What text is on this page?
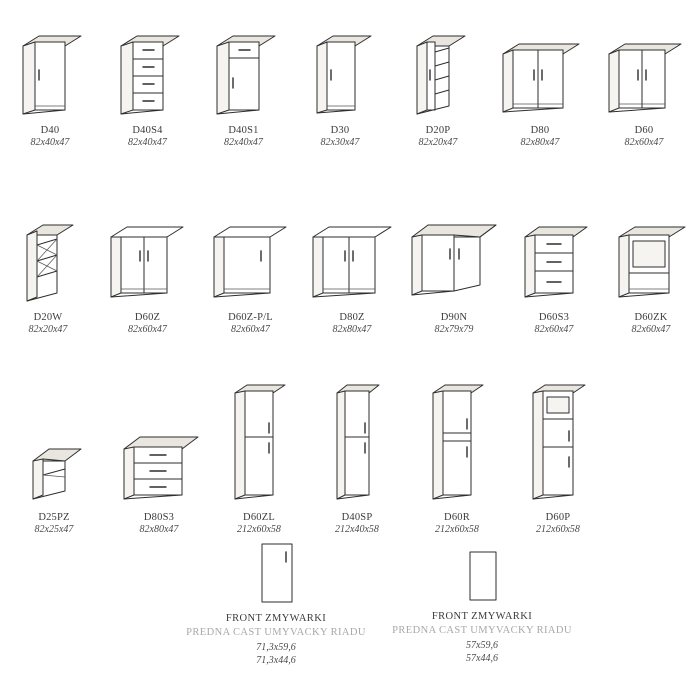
D40
82x40x47
D40S4
82x40x47
D40S1
82x40x47
D30
82x30x47
D20P
82x20x47
D80
82x80x47
D60
82x60x47
D20W
82x20x47
D60Z
82x60x47
D60Z-P/L
82x60x47
D80Z
82x80x47
D90N
82x79x79
D60S3
82x60x47
D60ZK
82x60x47
D25PZ
82x25x47
D80S3
82x80x47
D60ZL
212x60x58
D40SP
212x40x58
D60R
212x60x58
D60P
212x60x58
FRONT ZMYWARKI
PREDNA CAST UMYVACKY RIADU
71,3x59,6
71,3x44,6
FRONT ZMYWARKI
PREDNA CAST UMYVACKY RIADU
57x59,6
57x44,6
